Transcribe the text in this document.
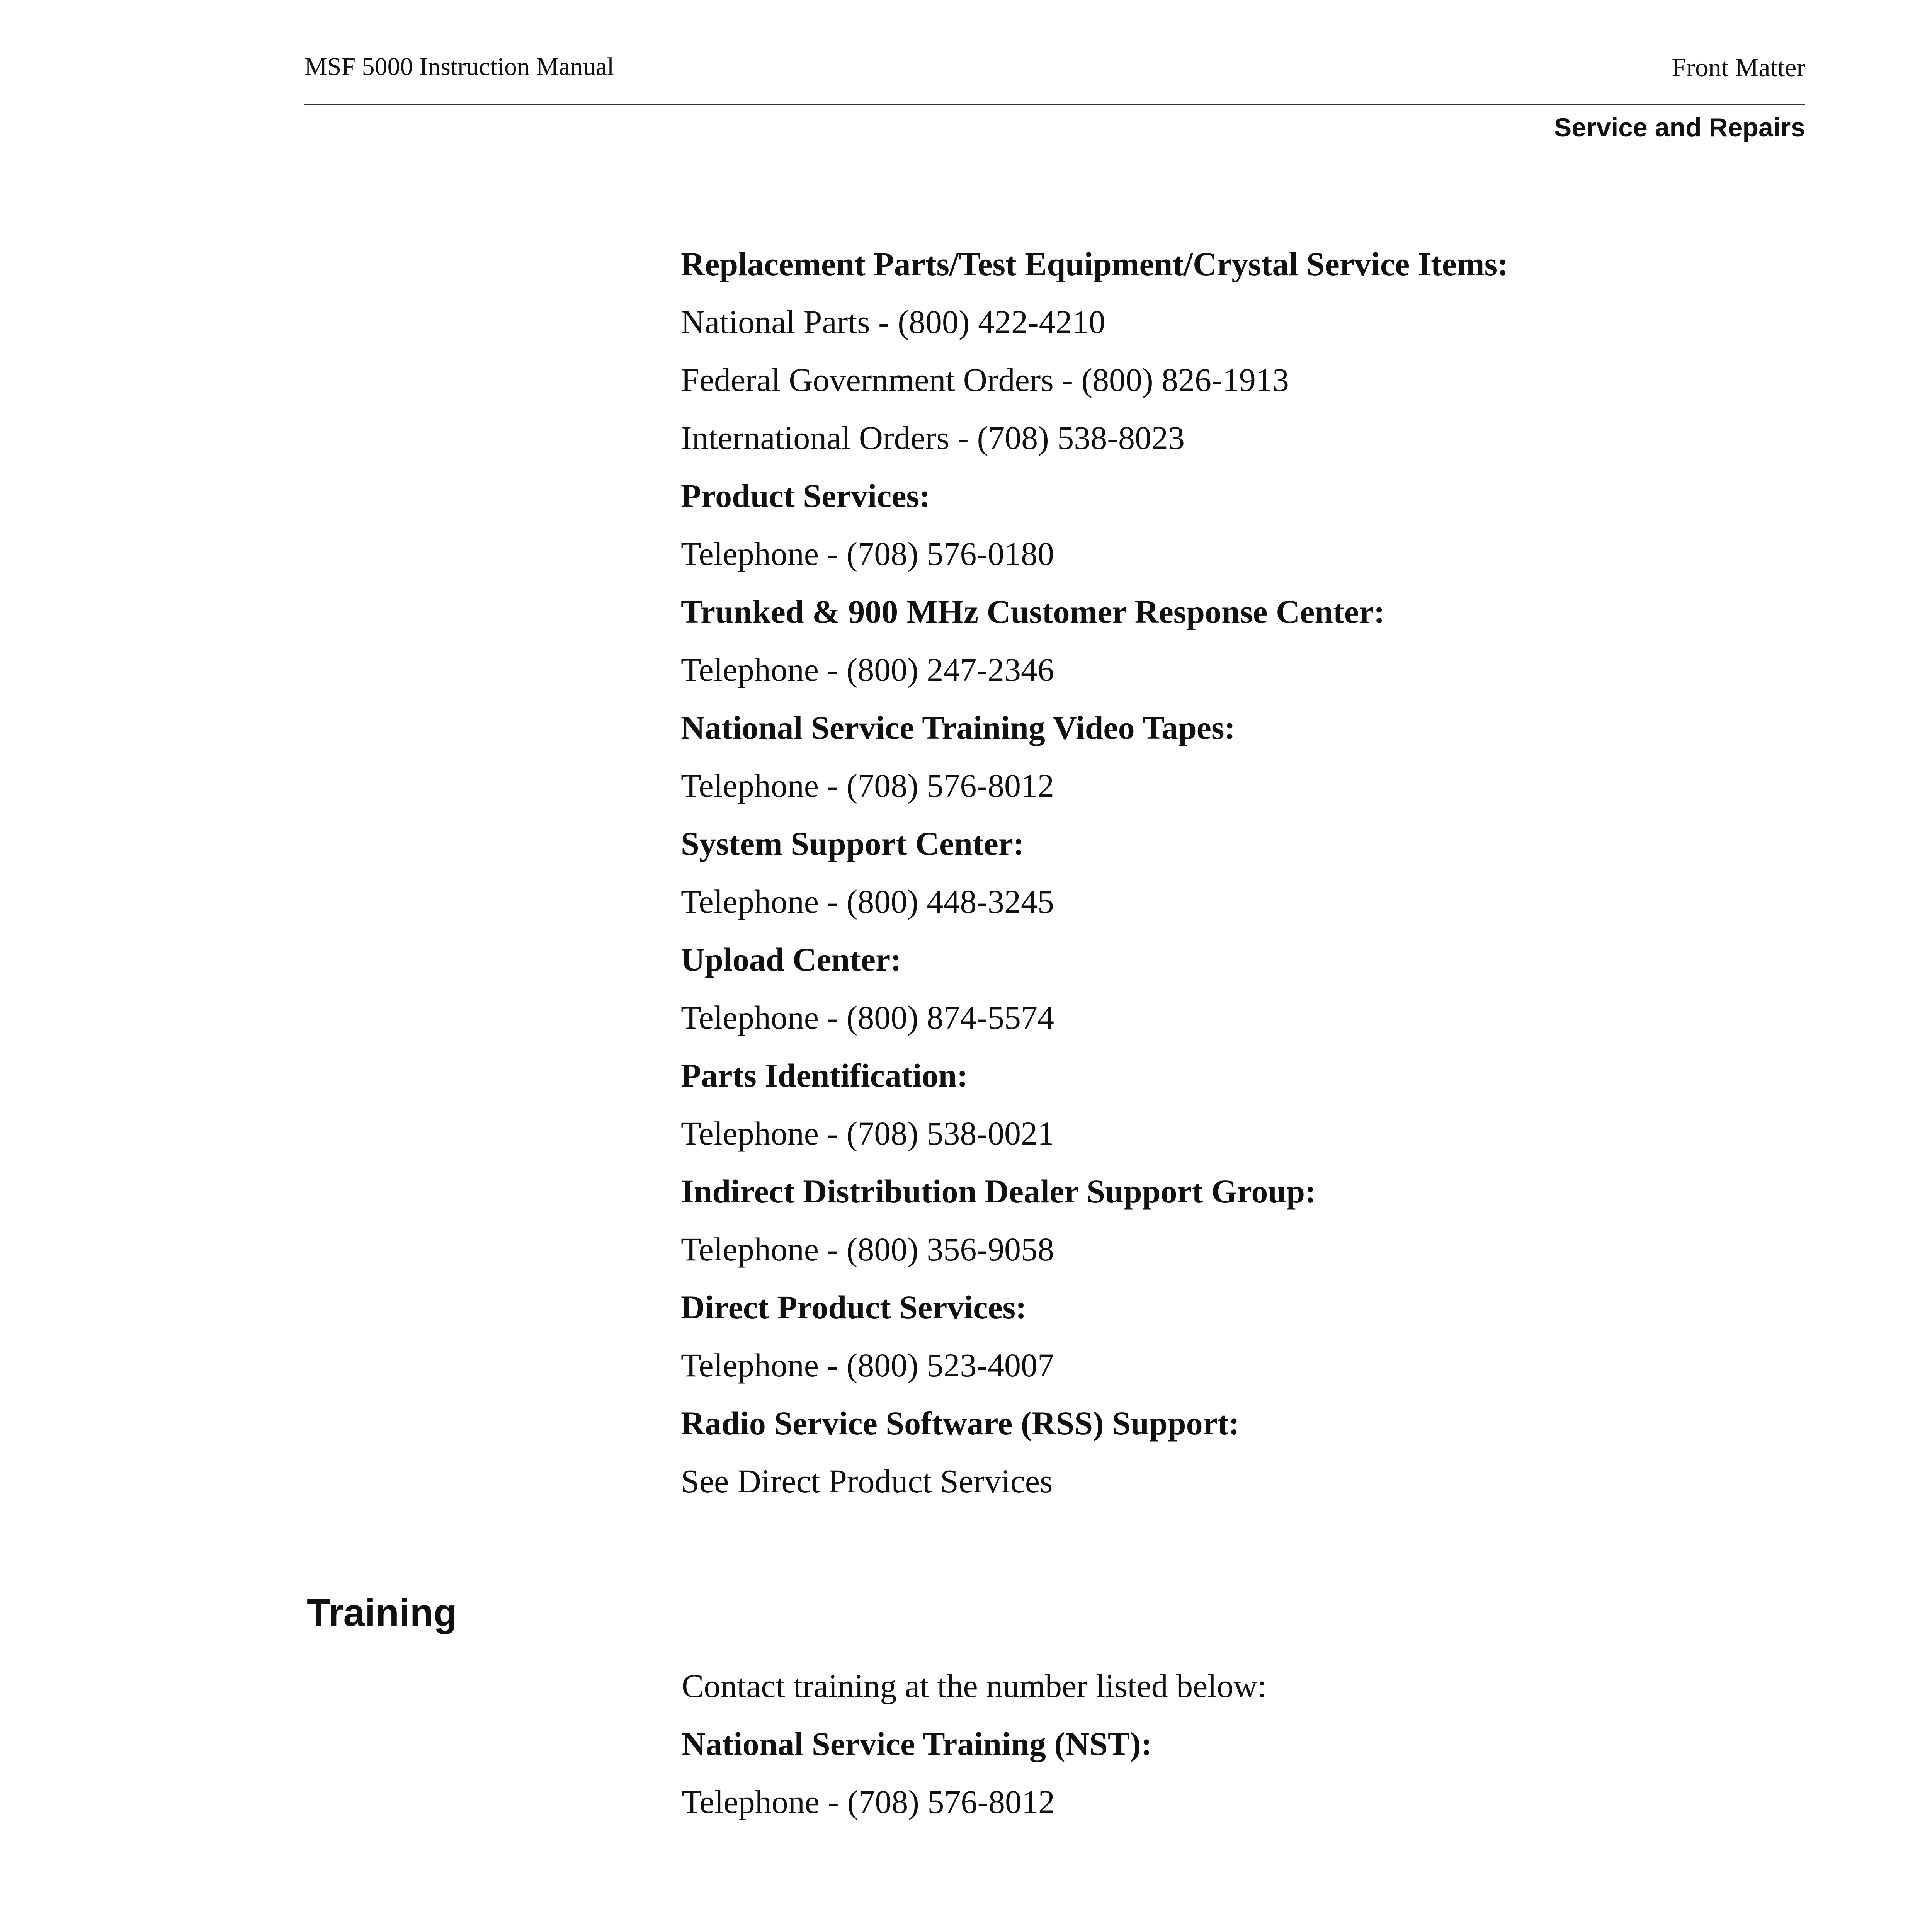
MSF 5000 Instruction Manual	Front Matter
Service and Repairs
Replacement Parts/Test Equipment/Crystal Service Items:
National Parts - (800) 422-4210
Federal Government Orders - (800) 826-1913
International Orders - (708) 538-8023
Product Services:
Telephone - (708) 576-0180
Trunked & 900 MHz Customer Response Center:
Telephone - (800) 247-2346
National Service Training Video Tapes:
Telephone - (708) 576-8012
System Support Center:
Telephone - (800) 448-3245
Upload Center:
Telephone - (800) 874-5574
Parts Identification:
Telephone - (708) 538-0021
Indirect Distribution Dealer Support Group:
Telephone - (800) 356-9058
Direct Product Services:
Telephone - (800) 523-4007
Radio Service Software (RSS) Support:
See Direct Product Services
Training
Contact training at the number listed below:
National Service Training (NST):
Telephone - (708) 576-8012
